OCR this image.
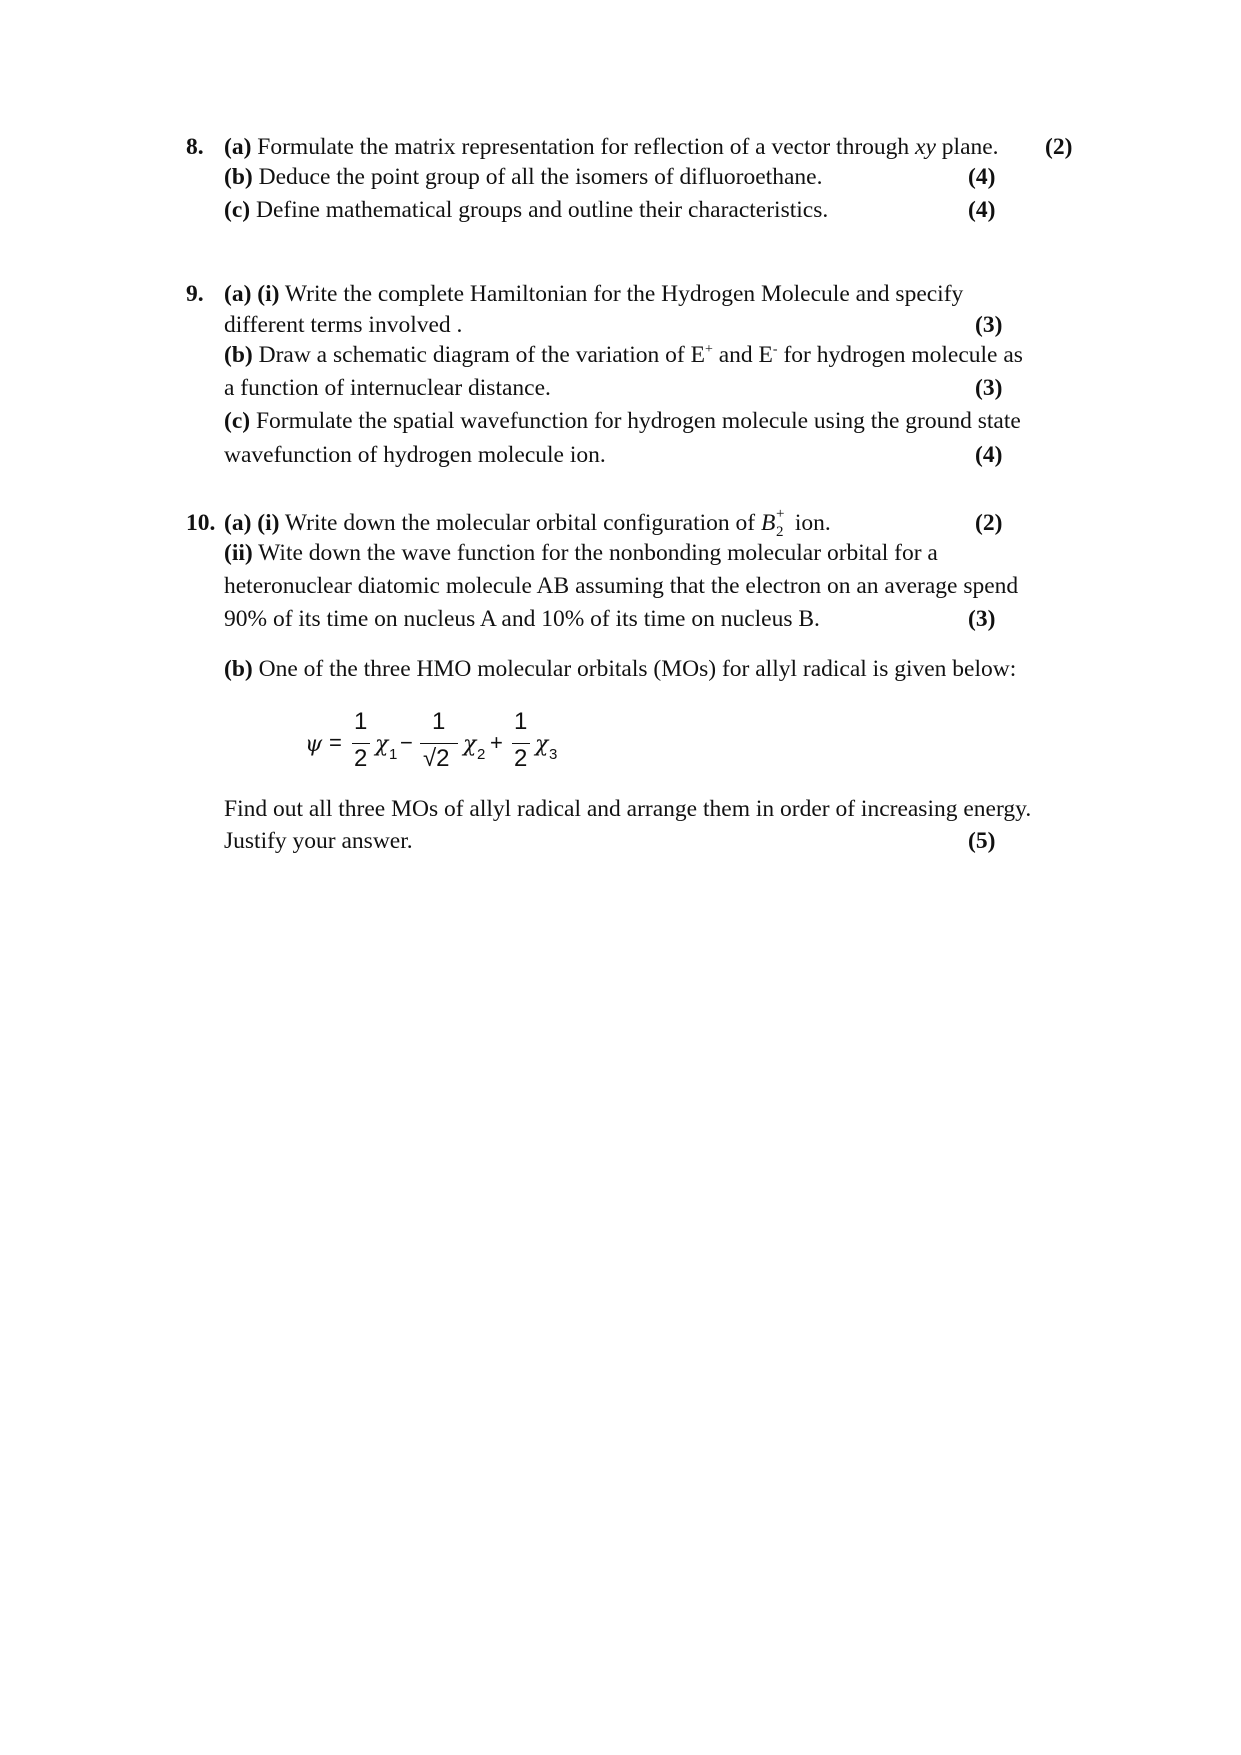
8. (a) Formulate the matrix representation for reflection of a vector through xy plane. (2)
(b) Deduce the point group of all the isomers of difluoroethane.	(4)
(c) Define mathematical groups and outline their characteristics.	(4)
9. (a) (i) Write the complete Hamiltonian for the Hydrogen Molecule and specify
different terms involved .	(3)
(b) Draw a schematic diagram of the variation of E+ and E- for hydrogen molecule as
a function of internuclear distance.	(3)
(c) Formulate the spatial wavefunction for hydrogen molecule using the ground state
wavefunction of hydrogen molecule ion.	(4)
10. (a) (i) Write down the molecular orbital configuration of B +
2 ion.	(2)
(ii) Wite down the wave function for the nonbonding molecular orbital for a
heteronuclear diatomic molecule AB assuming that the electron on an average spend
90% of its time on nucleus A and 10% of its time on nucleus B.	(3)
(b) One of the three HMO molecular orbitals (MOs) for allyl radical is given below:
ψ =
1
2
χ 1 −
1
√2
χ 2 +
1
2
χ 3
Find out all three MOs of allyl radical and arrange them in order of increasing energy.
Justify your answer.	(5)
